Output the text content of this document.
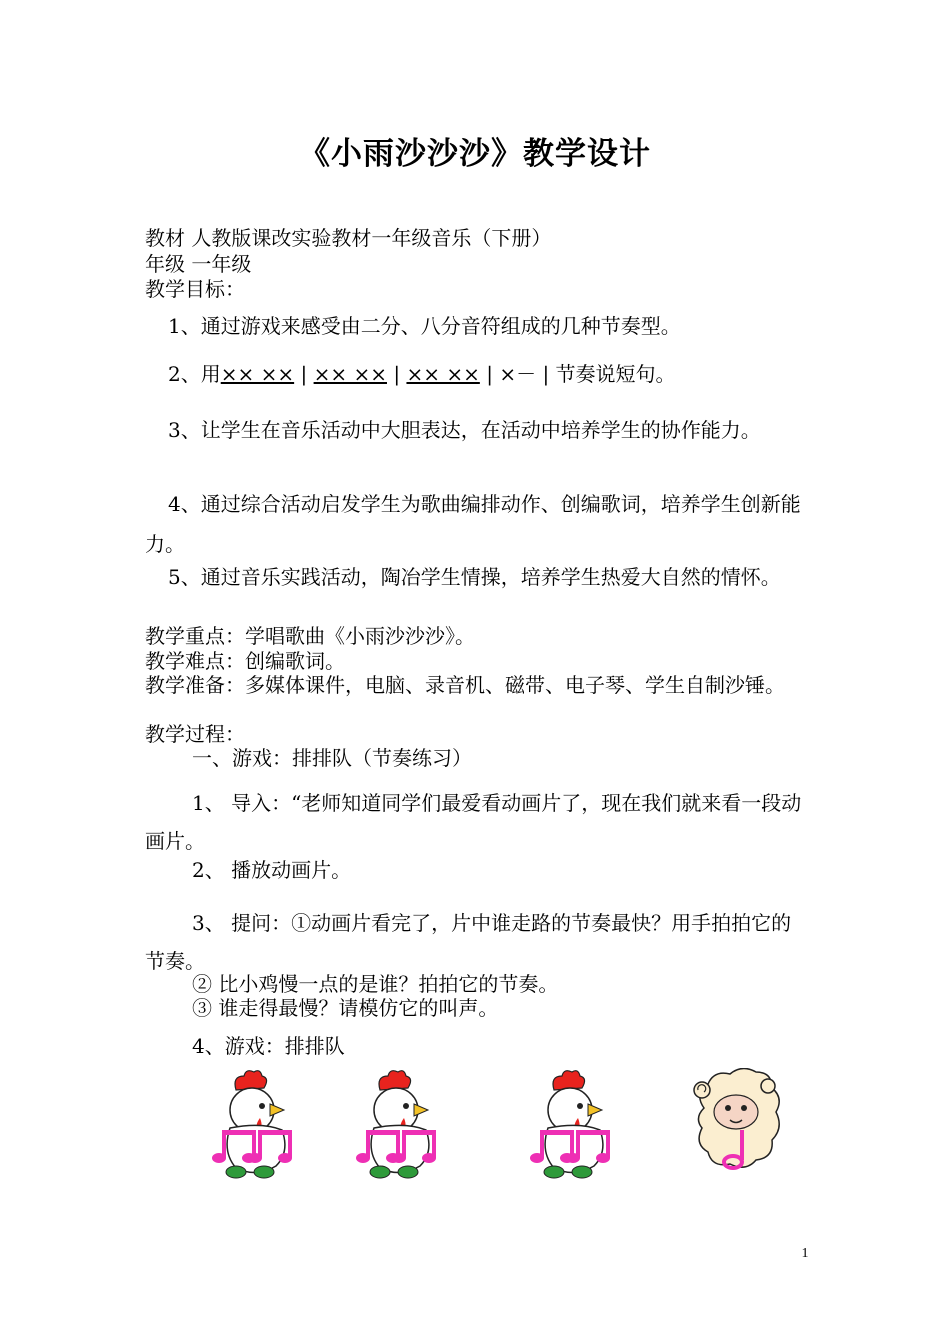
《小雨沙沙沙》教学设计
教材 人教版课改实验教材一年级音乐（下册）
年级 一年级
教学目标：
1、通过游戏来感受由二分、八分音符组成的几种节奏型。
2、用×× ×× | ×× ×× | ×× ×× | ×－ | 节奏说短句。
3、让学生在音乐活动中大胆表达，在活动中培养学生的协作能力。
4、通过综合活动启发学生为歌曲编排动作、创编歌词，培养学生创新能力。
5、通过音乐实践活动，陶冶学生情操，培养学生热爱大自然的情怀。
教学重点：学唱歌曲《小雨沙沙沙》。
教学难点：创编歌词。
教学准备：多媒体课件，电脑、录音机、磁带、电子琴、学生自制沙锤。
教学过程：
一、游戏：排排队（节奏练习）
1、 导入：“老师知道同学们最爱看动画片了，现在我们就来看一段动画片。
2、 播放动画片。
3、 提问：①动画片看完了，片中谁走路的节奏最快？用手拍拍它的节奏。
② 比小鸡慢一点的是谁？拍拍它的节奏。
③ 谁走得最慢？请模仿它的叫声。
4、游戏：排排队
1
